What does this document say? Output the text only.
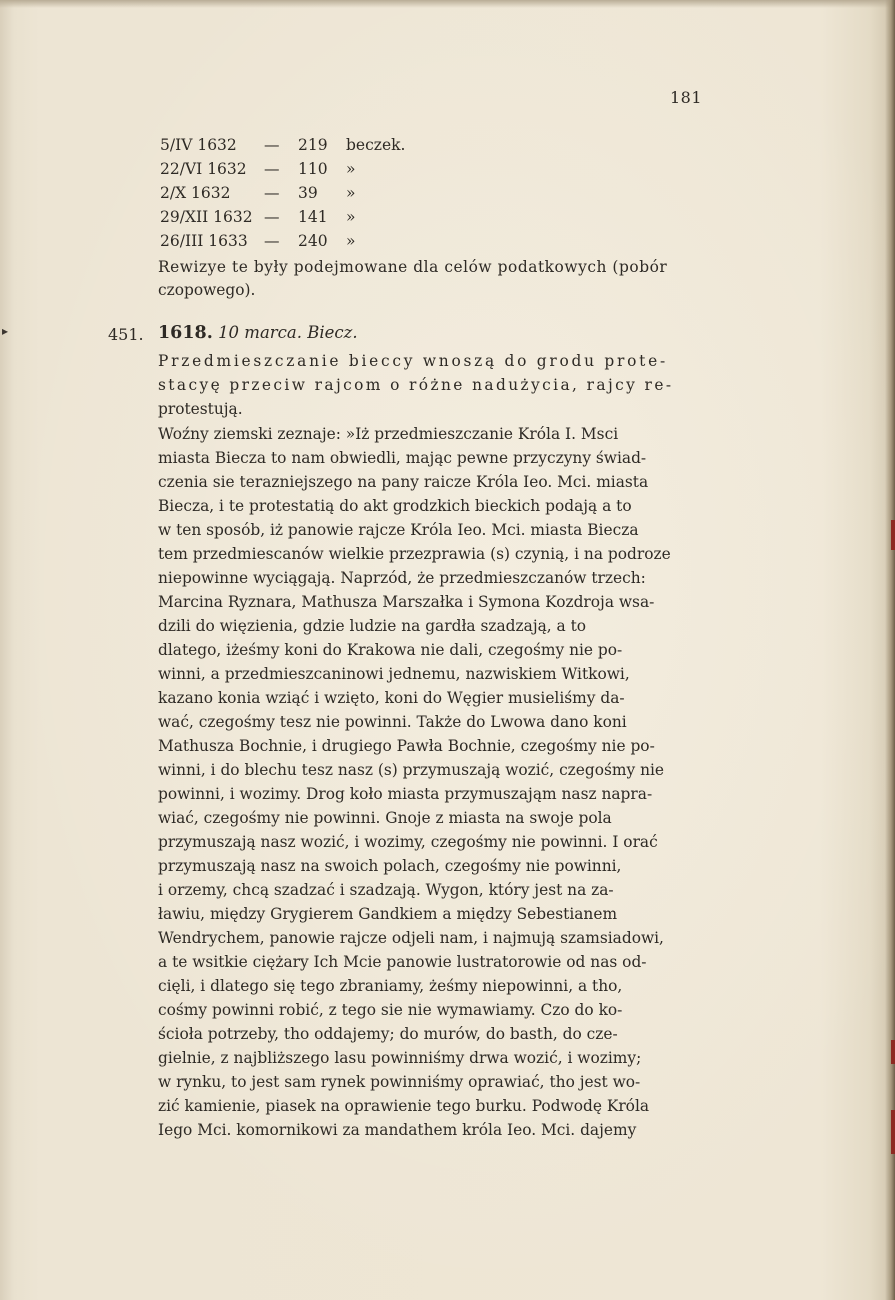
181
5/IV 1632 — 219 beczek.
22/VI 1632 — 110 »
2/X 1632 — 39 »
29/XII 1632 — 141 »
26/III 1633 — 240 »
Rewizye te były podejmowane dla celów podatkowych (pobór
czopowego).
▸	451. 1618. 10 marca. Biecz.
Przedmieszczanie bieccy wnoszą do grodu prote-
stacyę przeciw rajcom o różne nadużycia, rajcy re-
protestują.
Woźny ziemski zeznaje: »Iż przedmieszczanie Króla I. Msci
miasta Biecza to nam obwiedli, mając pewne przyczyny świad-
czenia sie terazniejszego na pany raicze Króla Ieo. Mci. miasta
Biecza, i te protestatią do akt grodzkich bieckich podają a to
w ten sposób, iż panowie rajcze Króla Ieo. Mci. miasta Biecza
tem przedmiescanów wielkie przezprawia (s) czynią, i na podroze
niepowinne wyciągają. Naprzód, że przedmieszczanów trzech:
Marcina Ryznara, Mathusza Marszałka i Symona Kozdroja wsa-
dzili do więzienia, gdzie ludzie na gardła szadzają, a to
dlatego, iżeśmy koni do Krakowa nie dali, czegośmy nie po-
winni, a przedmieszcaninowi jednemu, nazwiskiem Witkowi,
kazano konia wziąć i wzięto, koni do Węgier musieliśmy da-
wać, czegośmy tesz nie powinni. Także do Lwowa dano koni
Mathusza Bochnie, i drugiego Pawła Bochnie, czegośmy nie po-
winni, i do blechu tesz nasz (s) przymuszają wozić, czegośmy nie
powinni, i wozimy. Drog koło miasta przymuszająm nasz napra-
wiać, czegośmy nie powinni. Gnoje z miasta na swoje pola
przymuszają nasz wozić, i wozimy, czegośmy nie powinni. I orać
przymuszają nasz na swoich polach, czegośmy nie powinni,
i orzemy, chcą szadzać i szadzają. Wygon, który jest na za-
ławiu, między Grygierem Gandkiem a między Sebestianem
Wendrychem, panowie rajcze odjeli nam, i najmują szamsiadowi,
a te wsitkie ciężary Ich Mcie panowie lustratorowie od nas od-
cięli, i dlatego się tego zbraniamy, żeśmy niepowinni, a tho,
cośmy powinni robić, z tego sie nie wymawiamy. Czo do ko-
ścioła potrzeby, tho oddajemy; do murów, do basth, do cze-
gielnie, z najbliższego lasu powinniśmy drwa wozić, i wozimy;
w rynku, to jest sam rynek powinniśmy oprawiać, tho jest wo-
zić kamienie, piasek na oprawienie tego burku. Podwodę Króla
Iego Mci. komornikowi za mandathem króla Ieo. Mci. dajemy
